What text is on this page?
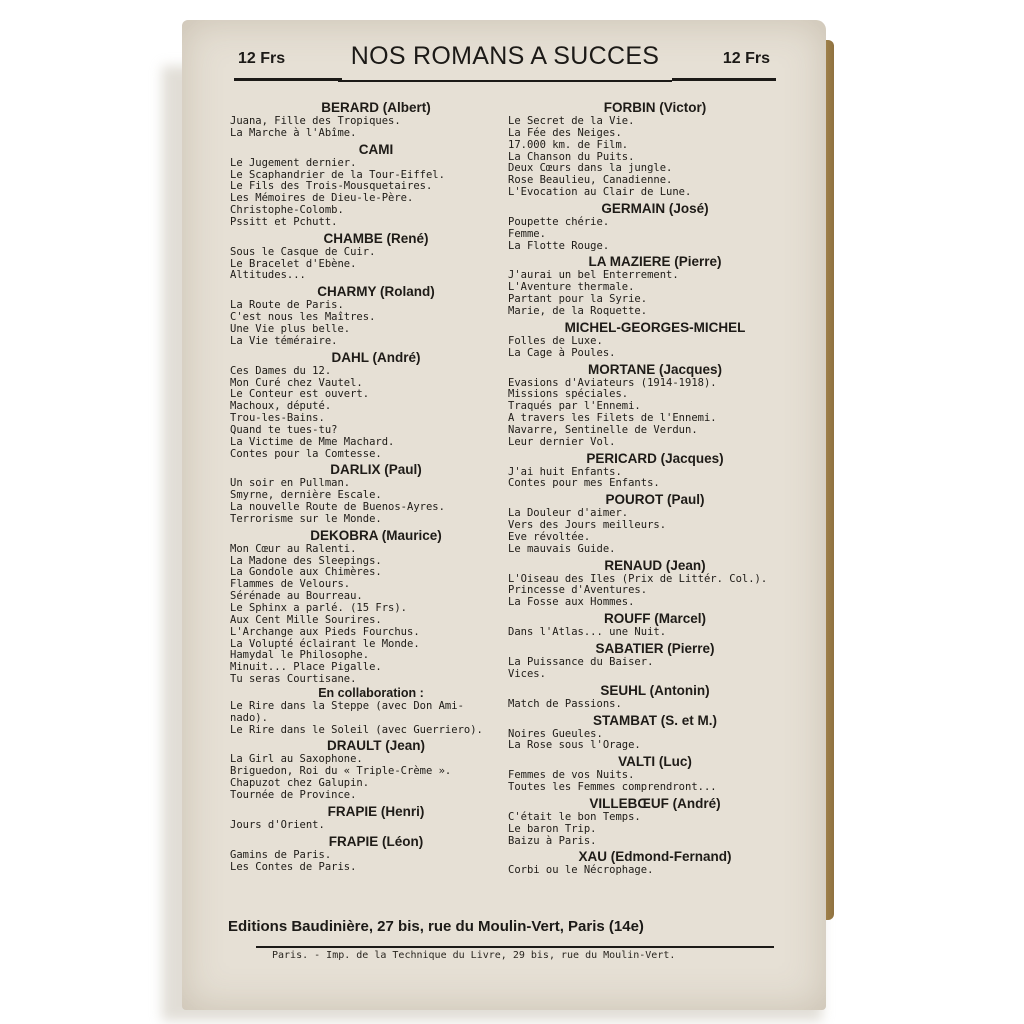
12 Frs	NOS ROMANS A SUCCES	12 Frs
BERARD (Albert)
Juana, Fille des Tropiques.
La Marche à l'Abîme.
CAMI
Le Jugement dernier.
Le Scaphandrier de la Tour-Eiffel.
Le Fils des Trois-Mousquetaires.
Les Mémoires de Dieu-le-Père.
Christophe-Colomb.
Pssitt et Pchutt.
CHAMBE (René)
Sous le Casque de Cuir.
Le Bracelet d'Ebène.
Altitudes...
CHARMY (Roland)
La Route de Paris.
C'est nous les Maîtres.
Une Vie plus belle.
La Vie téméraire.
DAHL (André)
Ces Dames du 12.
Mon Curé chez Vautel.
Le Conteur est ouvert.
Machoux, député.
Trou-les-Bains.
Quand te tues-tu?
La Victime de Mme Machard.
Contes pour la Comtesse.
DARLIX (Paul)
Un soir en Pullman.
Smyrne, dernière Escale.
La nouvelle Route de Buenos-Ayres.
Terrorisme sur le Monde.
DEKOBRA (Maurice)
Mon Cœur au Ralenti.
La Madone des Sleepings.
La Gondole aux Chimères.
Flammes de Velours.
Sérénade au Bourreau.
Le Sphinx a parlé. (15 Frs).
Aux Cent Mille Sourires.
L'Archange aux Pieds Fourchus.
La Volupté éclairant le Monde.
Hamydal le Philosophe.
Minuit... Place Pigalle.
Tu seras Courtisane.
En collaboration :
Le Rire dans la Steppe (avec Don Ami-
nado).
Le Rire dans le Soleil (avec Guerriero).
DRAULT (Jean)
La Girl au Saxophone.
Briguedon, Roi du « Triple-Crème ».
Chapuzot chez Galupin.
Tournée de Province.
FRAPIE (Henri)
Jours d'Orient.
FRAPIE (Léon)
Gamins de Paris.
Les Contes de Paris.
FORBIN (Victor)
Le Secret de la Vie.
La Fée des Neiges.
17.000 km. de Film.
La Chanson du Puits.
Deux Cœurs dans la jungle.
Rose Beaulieu, Canadienne.
L'Evocation au Clair de Lune.
GERMAIN (José)
Poupette chérie.
Femme.
La Flotte Rouge.
LA MAZIERE (Pierre)
J'aurai un bel Enterrement.
L'Aventure thermale.
Partant pour la Syrie.
Marie, de la Roquette.
MICHEL-GEORGES-MICHEL
Folles de Luxe.
La Cage à Poules.
MORTANE (Jacques)
Evasions d'Aviateurs (1914-1918).
Missions spéciales.
Traqués par l'Ennemi.
A travers les Filets de l'Ennemi.
Navarre, Sentinelle de Verdun.
Leur dernier Vol.
PERICARD (Jacques)
J'ai huit Enfants.
Contes pour mes Enfants.
POUROT (Paul)
La Douleur d'aimer.
Vers des Jours meilleurs.
Eve révoltée.
Le mauvais Guide.
RENAUD (Jean)
L'Oiseau des Iles (Prix de Littér. Col.).
Princesse d'Aventures.
La Fosse aux Hommes.
ROUFF (Marcel)
Dans l'Atlas... une Nuit.
SABATIER (Pierre)
La Puissance du Baiser.
Vices.
SEUHL (Antonin)
Match de Passions.
STAMBAT (S. et M.)
Noires Gueules.
La Rose sous l'Orage.
VALTI (Luc)
Femmes de vos Nuits.
Toutes les Femmes comprendront...
VILLEBŒUF (André)
C'était le bon Temps.
Le baron Trip.
Baizu à Paris.
XAU (Edmond-Fernand)
Corbi ou le Nécrophage.
Editions Baudinière, 27 bis, rue du Moulin-Vert, Paris (14e)
Paris. - Imp. de la Technique du Livre, 29 bis, rue du Moulin-Vert.
